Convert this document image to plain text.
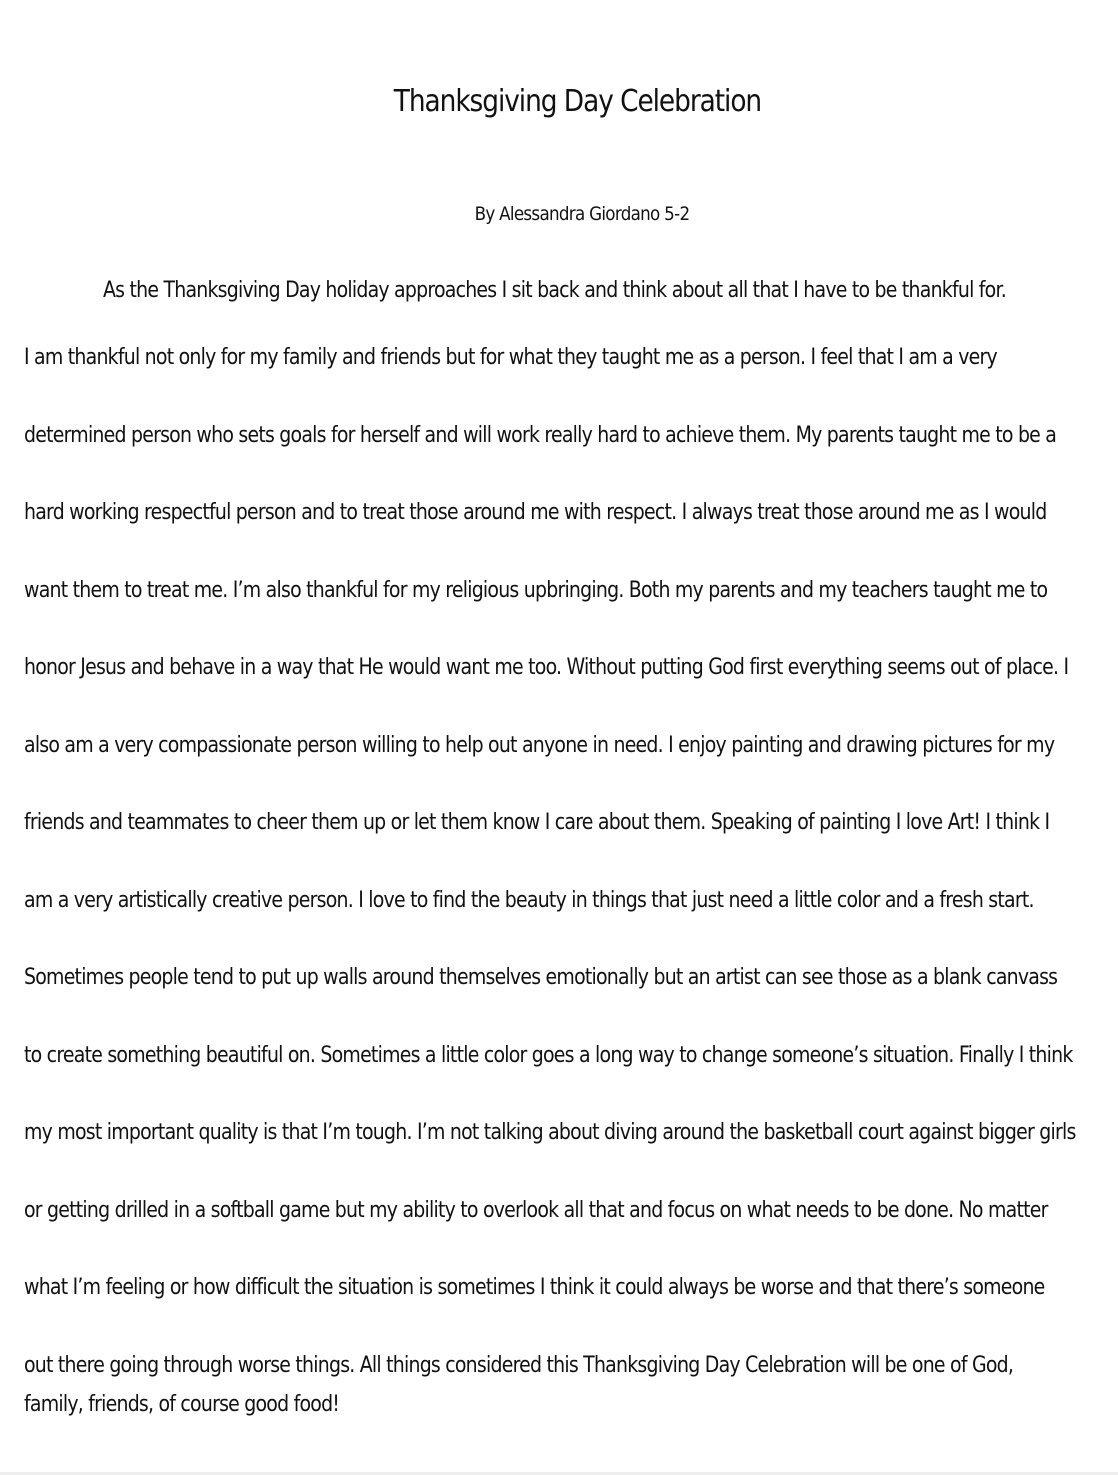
Thanksgiving Day Celebration
By Alessandra Giordano 5-2
As the Thanksgiving Day holiday approaches I sit back and think about all that I have to be thankful for.
I am thankful not only for my family and friends but for what they taught me as a person. I feel that I am a very
determined person who sets goals for herself and will work really hard to achieve them. My parents taught me to be a
hard working respectful person and to treat those around me with respect. I always treat those around me as I would
want them to treat me. I’m also thankful for my religious upbringing. Both my parents and my teachers taught me to
honor Jesus and behave in a way that He would want me too. Without putting God first everything seems out of place. I
also am a very compassionate person willing to help out anyone in need. I enjoy painting and drawing pictures for my
friends and teammates to cheer them up or let them know I care about them. Speaking of painting I love Art! I think I
am a very artistically creative person. I love to find the beauty in things that just need a little color and a fresh start.
Sometimes people tend to put up walls around themselves emotionally but an artist can see those as a blank canvass
to create something beautiful on. Sometimes a little color goes a long way to change someone’s situation. Finally I think
my most important quality is that I’m tough. I’m not talking about diving around the basketball court against bigger girls
or getting drilled in a softball game but my ability to overlook all that and focus on what needs to be done. No matter
what I’m feeling or how difficult the situation is sometimes I think it could always be worse and that there’s someone
out there going through worse things. All things considered this Thanksgiving Day Celebration will be one of God,
family, friends, of course good food!
